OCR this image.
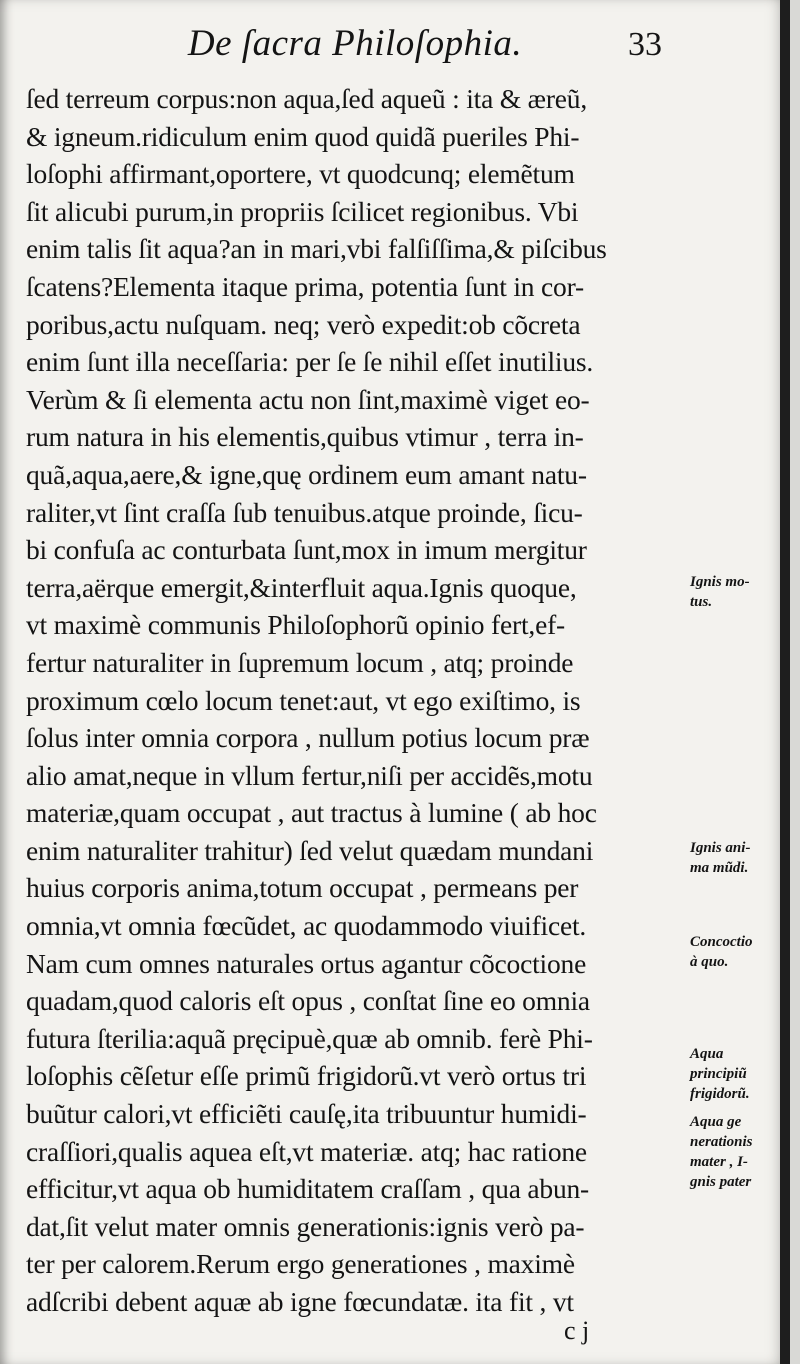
De ſacra Philoſophia.	33
ſed terreum corpus:non aqua,ſed aqueũ : ita & æreũ,
& igneum.ridiculum enim quod quidã pueriles Phi-
loſophi affirmant,oportere, vt quodcunq; elemẽtum
ſit alicubi purum,in propriis ſcilicet regionibus. Vbi
enim talis ſit aqua?an in mari,vbi falſiſſima,& piſcibus
ſcatens?Elementa itaque prima, potentia ſunt in cor-
poribus,actu nuſquam. neq; verò expedit:ob cõcreta
enim ſunt illa neceſſaria: per ſe ſe nihil eſſet inutilius.
Verùm & ſi elementa actu non ſint,maximè viget eo-
rum natura in his elementis,quibus vtimur , terra in-
quã,aqua,aere,& igne,quę ordinem eum amant natu-
raliter,vt ſint craſſa ſub tenuibus.atque proinde, ſicu-
bi confuſa ac conturbata ſunt,mox in imum mergitur
terra,aërque emergit,&interfluit aqua.Ignis quoque,
vt maximè communis Philoſophorũ opinio fert,ef-
fertur naturaliter in ſupremum locum , atq; proinde
proximum cœlo locum tenet:aut, vt ego exiſtimo, is
ſolus inter omnia corpora , nullum potius locum præ
alio amat,neque in vllum fertur,niſi per accidẽs,motu
materiæ,quam occupat , aut tractus à lumine ( ab hoc
enim naturaliter trahitur) ſed velut quædam mundani
huius corporis anima,totum occupat , permeans per
omnia,vt omnia fœcũdet, ac quodammodo viuificet.
Nam cum omnes naturales ortus agantur cõcoctione
quadam,quod caloris eſt opus , conſtat ſine eo omnia
futura ſterilia:aquã pręcipuè,quæ ab omnib. ferè Phi-
loſophis cẽſetur eſſe primũ frigidorũ.vt verò ortus tri
buũtur calori,vt efficiẽti cauſę,ita tribuuntur humidi-
craſſiori,qualis aquea eſt,vt materiæ. atq; hac ratione
efficitur,vt aqua ob humiditatem craſſam , qua abun-
dat,ſit velut mater omnis generationis:ignis verò pa-
ter per calorem.Rerum ergo generationes , maximè
adſcribi debent aquæ ab igne fœcundatæ. ita fit , vt
Ignis mo-
tus.
Ignis ani-
ma mũdi.
Concoctio
à quo.
Aqua
principiũ
frigidorũ.
Aqua ge
nerationis
mater , I-
gnis pater
c j
